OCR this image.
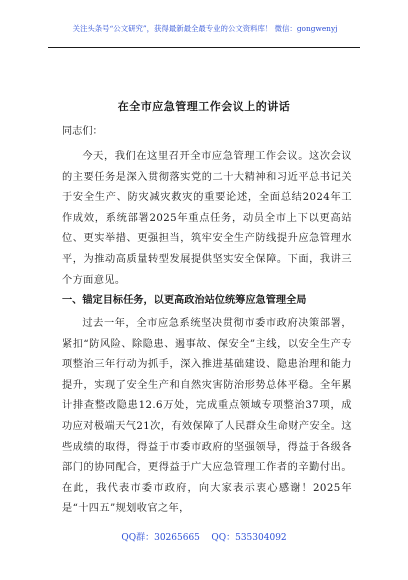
关注头条号“公文研究”，获得最新最全最专业的公文资料库！ 微信：gongwenyj
在全市应急管理工作会议上的讲话
同志们：
今天，我们在这里召开全市应急管理工作会议。这次会议的主要任务是深入贯彻落实党的二十大精神和习近平总书记关于安全生产、防灾减灾救灾的重要论述，全面总结2024年工作成效，系统部署2025年重点任务，动员全市上下以更高站位、更实举措、更强担当，筑牢安全生产防线提升应急管理水平，为推动高质量转型发展提供坚实安全保障。下面，我讲三个方面意见。
一、锚定目标任务，以更高政治站位统筹应急管理全局
过去一年，全市应急系统坚决贯彻市委市政府决策部署，紧扣“防风险、除隐患、遏事故、保安全”主线，以安全生产专项整治三年行动为抓手，深入推进基础建设、隐患治理和能力提升，实现了安全生产和自然灾害防治形势总体平稳。全年累计排查整改隐患12.6万处，完成重点领域专项整治37项，成功应对极端天气21次，有效保障了人民群众生命财产安全。这些成绩的取得，得益于市委市政府的坚强领导，得益于各级各部门的协同配合，更得益于广大应急管理工作者的辛勤付出。在此，我代表市委市政府，向大家表示衷心感谢！2025年是“十四五”规划收官之年，
QQ群：30265665    QQ：535304092
